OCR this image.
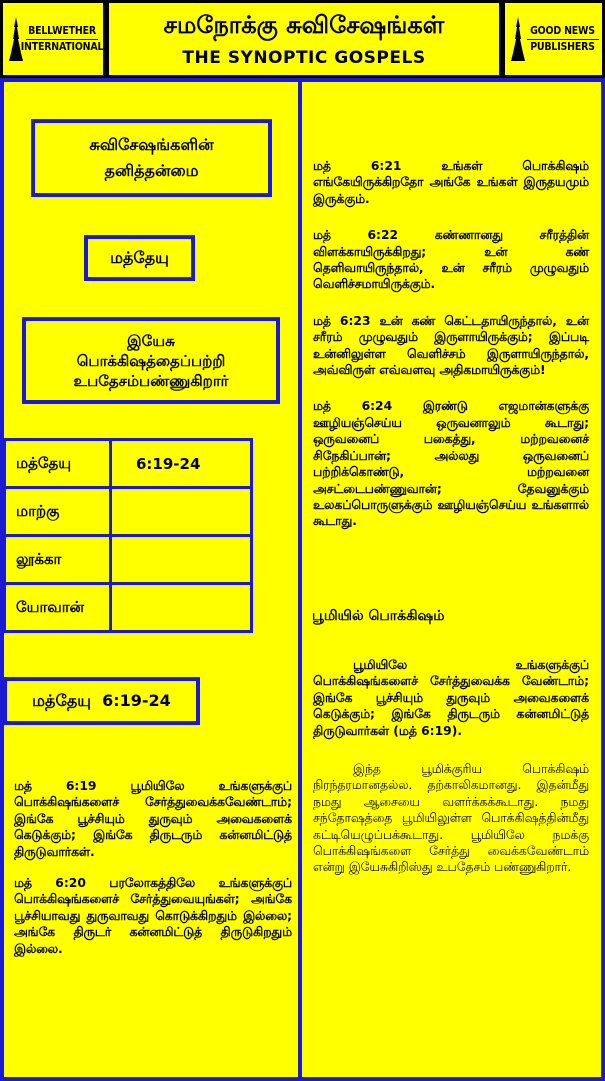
BELLWETHER
INTERNATIONAL
சமநோக்கு சுவிசேஷங்கள்
THE SYNOPTIC GOSPELS
GOOD NEWS
PUBLISHERS
சுவிசேஷங்களின்
தனித்தன்மை
மத்தேயு
இயேசு
பொக்கிஷத்தைப்பற்றி
உபதேசம்பண்ணுகிறார்
மத்தேயு	6:19-24
மாற்கு	
லூக்கா	
யோவான்	
மத்தேயு  6:19-24

மத் 6:19 பூமியிலே உங்களுக்குப் பொக்கிஷங்களைச் சேர்த்துவைக்கவேண்டாம்; இங்கே பூச்சியும் துருவும் அவைகளைக் கெடுக்கும்; இங்கே திருடரும் கன்னமிட்டுத் திருடுவார்கள்.

மத் 6:20 பரலோகத்திலே உங்களுக்குப் பொக்கிஷங்களைச் சேர்த்துவையுங்கள்; அங்கே பூச்சியாவது துருவாவது கொடுக்கிறதும் இல்லை; அங்கே திருடர் கன்னமிட்டுத் திருடுகிறதும் இல்லை.

மத் 6:21 உங்கள் பொக்கிஷம் எங்கேயிருக்கிறதோ அங்கே உங்கள் இருதயமும் இருக்கும்.

மத் 6:22 கண்ணானது சரீரத்தின் விளக்காயிருக்கிறது; உன் கண் தெளிவாயிருந்தால், உன் சரீரம் முழுவதும் வெளிச்சமாயிருக்கும்.

மத் 6:23 உன் கண் கெட்டதாயிருந்தால், உன் சரீரம் முழுவதும் இருளாயிருக்கும்; இப்படி உன்னிலுள்ள வெளிச்சம் இருளாயிருந்தால், அவ்விருள் எவ்வளவு அதிகமாயிருக்கும்!

மத் 6:24 இரண்டு எஜமான்களுக்கு ஊழியஞ்செய்ய ஒருவனாலும் கூடாது; ஒருவனைப் பகைத்து, மற்றவனைச் சிநேகிப்பான்; அல்லது ஒருவனைப் பற்றிக்கொண்டு, மற்றவனை அசட்டைபண்ணுவான்; தேவனுக்கும் உலகப்பொருளுக்கும் ஊழியஞ்செய்ய உங்களால் கூடாது.

பூமியில் பொக்கிஷம்

பூமியிலே உங்களுக்குப் பொக்கிஷங்களைச் சேர்த்துவைக்க வேண்டாம்; இங்கே பூச்சியும் துருவும் அவைகளைக் கெடுக்கும்; இங்கே திருடரும் கன்னமிட்டுத் திருடுவார்கள் (மத் 6:19).

இந்த பூமிக்குரிய பொக்கிஷம் நிரந்தரமானதல்ல. தற்காலிகமானது. இதன்மீது நமது ஆசையை வளர்க்கக்கூடாது. நமது சந்தோஷத்தை பூமியிலுள்ள பொக்கிஷத்தின்மீது கட்டியெழுப்பக்கூடாது. பூமியிலே நமக்கு பொக்கிஷங்களை சேர்த்து வைக்கவேண்டாம் என்று இயேசுகிறிஸ்து உபதேசம் பண்ணுகிறார்.
